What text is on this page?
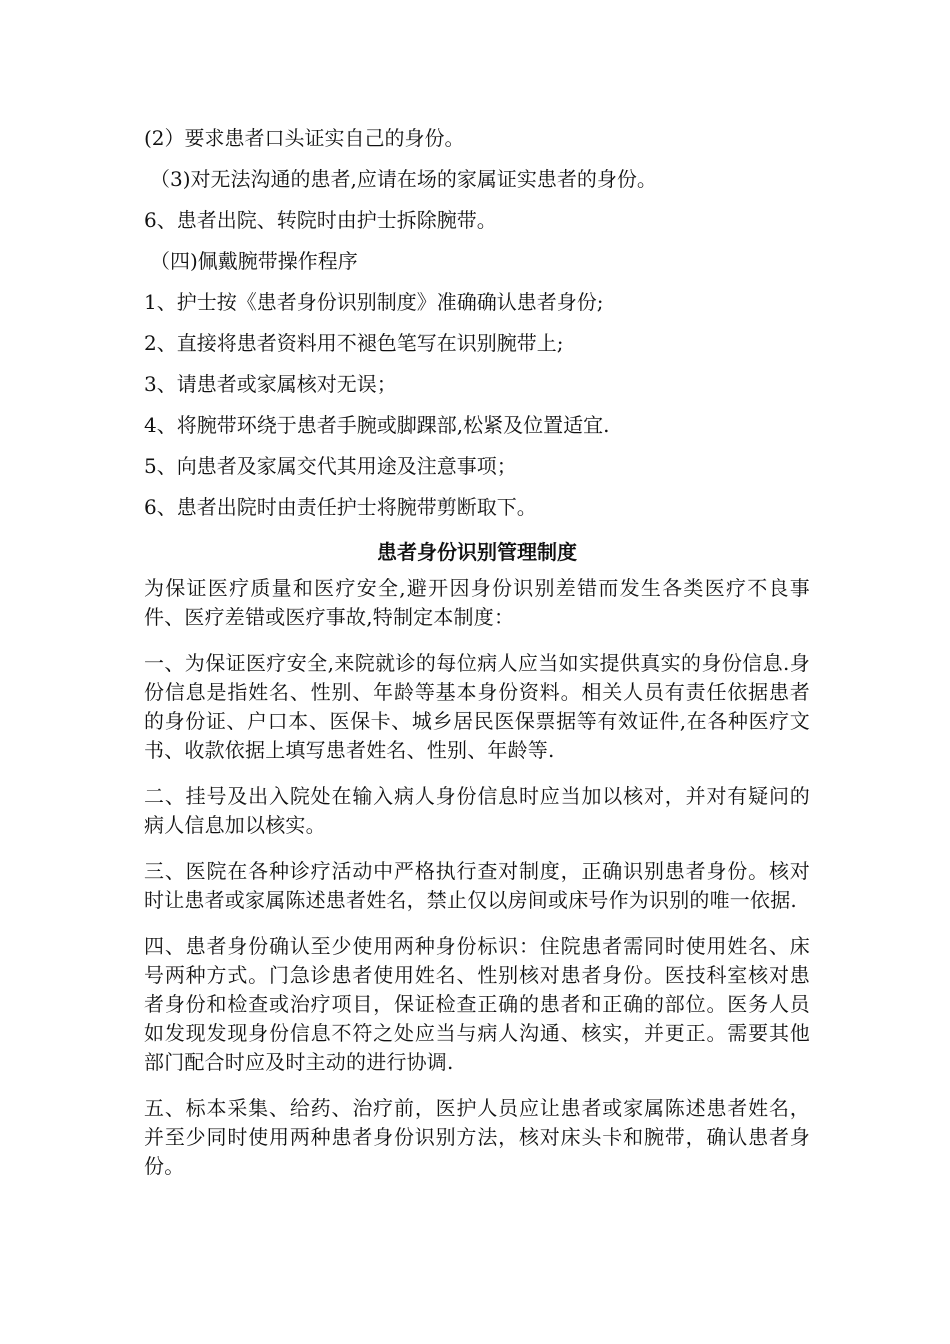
(2）要求患者口头证实自己的身份。
（3)对无法沟通的患者,应请在场的家属证实患者的身份。
6、患者出院、转院时由护士拆除腕带。
（四)佩戴腕带操作程序
1、护士按《患者身份识别制度》准确确认患者身份;
2、直接将患者资料用不褪色笔写在识别腕带上;
3、请患者或家属核对无误；
4、将腕带环绕于患者手腕或脚踝部,松紧及位置适宜.
5、向患者及家属交代其用途及注意事项；
6、患者出院时由责任护士将腕带剪断取下。
患者身份识别管理制度

为保证医疗质量和医疗安全,避开因身份识别差错而发生各类医疗不良事件、医疗差错或医疗事故,特制定本制度：

一、为保证医疗安全,来院就诊的每位病人应当如实提供真实的身份信息.身份信息是指姓名、性别、年龄等基本身份资料。相关人员有责任依据患者的身份证、户口本、医保卡、城乡居民医保票据等有效证件,在各种医疗文书、收款依据上填写患者姓名、性别、年龄等.

二、挂号及出入院处在输入病人身份信息时应当加以核对，并对有疑问的病人信息加以核实。

三、医院在各种诊疗活动中严格执行查对制度，正确识别患者身份。核对时让患者或家属陈述患者姓名，禁止仅以房间或床号作为识别的唯一依据.

四、患者身份确认至少使用两种身份标识：住院患者需同时使用姓名、床号两种方式。门急诊患者使用姓名、性别核对患者身份。医技科室核对患者身份和检查或治疗项目，保证检查正确的患者和正确的部位。医务人员如发现发现身份信息不符之处应当与病人沟通、核实，并更正。需要其他部门配合时应及时主动的进行协调.

五、标本采集、给药、治疗前，医护人员应让患者或家属陈述患者姓名，并至少同时使用两种患者身份识别方法，核对床头卡和腕带，确认患者身份。
